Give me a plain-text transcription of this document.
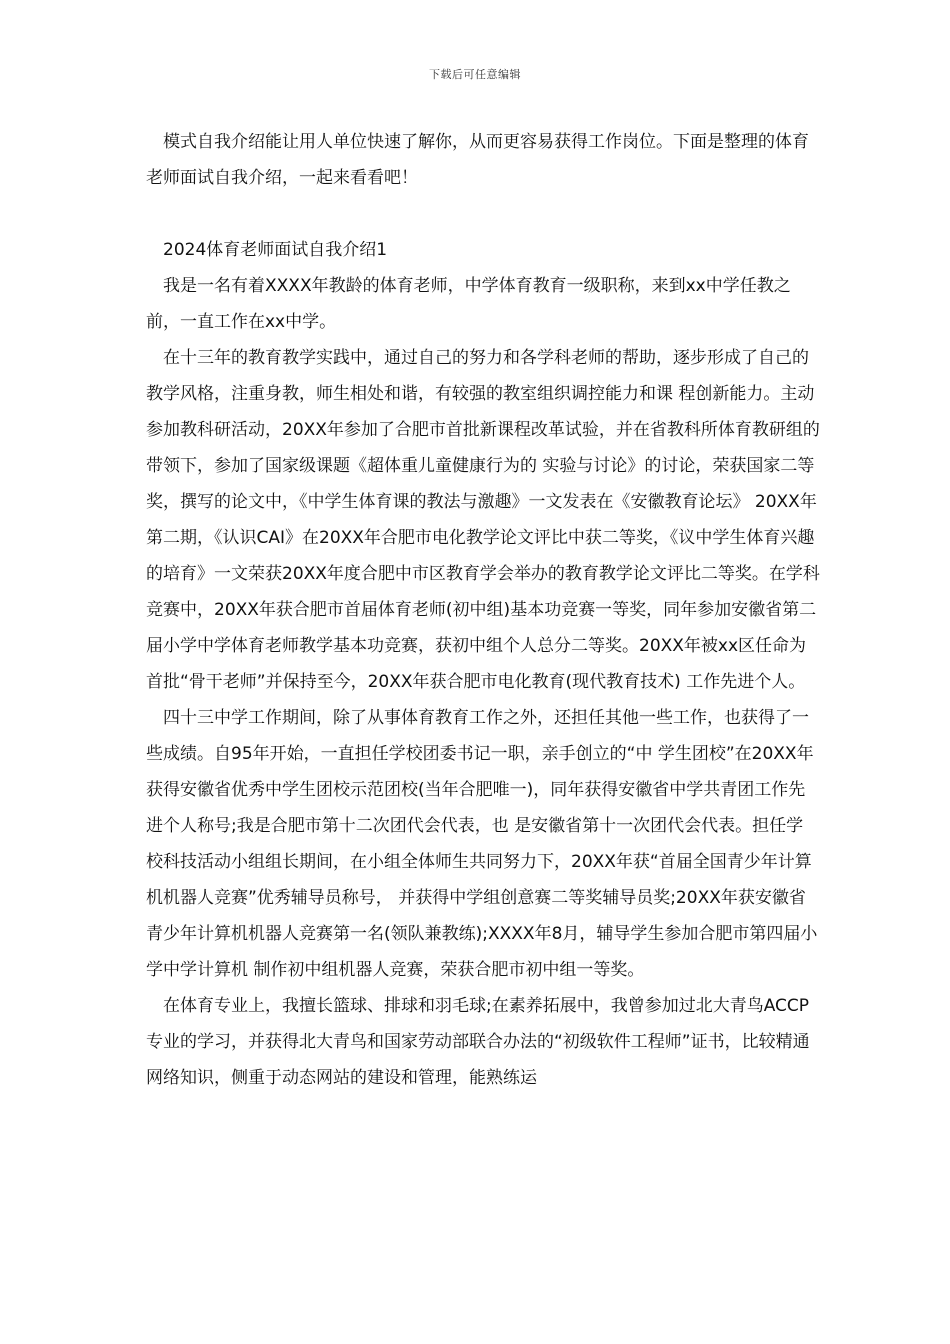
下载后可任意编辑

模式自我介绍能让用人单位快速了解你，从而更容易获得工作岗位。下面是整理的体育老师面试自我介绍，一起来看看吧！

2024体育老师面试自我介绍1

我是一名有着XXXX年教龄的体育老师，中学体育教育一级职称，来到xx中学任教之前，一直工作在xx中学。

在十三年的教育教学实践中，通过自己的努力和各学科老师的帮助，逐步形成了自己的教学风格，注重身教，师生相处和谐，有较强的教室组织调控能力和课 程创新能力。主动参加教科研活动，20XX年参加了合肥市首批新课程改革试验，并在省教科所体育教研组的带领下，参加了国家级课题《超体重儿童健康行为的 实验与讨论》的讨论，荣获国家二等奖，撰写的论文中，《中学生体育课的教法与激趣》一文发表在《安徽教育论坛》 20XX年第二期，《认识CAI》在20XX年合肥市电化教学论文评比中获二等奖，《议中学生体育兴趣的培育》一文荣获20XX年度合肥中市区教育学会举办的教育教学论文评比二等奖。在学科 竞赛中，20XX年获合肥市首届体育老师(初中组)基本功竞赛一等奖，同年参加安徽省第二届小学中学体育老师教学基本功竞赛，获初中组个人总分二等奖。20XX年被xx区任命为首批“骨干老师”并保持至今，20XX年获合肥市电化教育(现代教育技术) 工作先进个人。

四十三中学工作期间，除了从事体育教育工作之外，还担任其他一些工作，也获得了一些成绩。自95年开始，一直担任学校团委书记一职，亲手创立的“中 学生团校”在20XX年获得安徽省优秀中学生团校示范团校(当年合肥唯一)，同年获得安徽省中学共青团工作先进个人称号;我是合肥市第十二次团代会代表，也 是安徽省第十一次团代会代表。担任学校科技活动小组组长期间，在小组全体师生共同努力下，20XX年获“首届全国青少年计算机机器人竞赛”优秀辅导员称号， 并获得中学组创意赛二等奖辅导员奖;20XX年获安徽省青少年计算机机器人竞赛第一名(领队兼教练);XXXX年8月，辅导学生参加合肥市第四届小学中学计算机 制作初中组机器人竞赛，荣获合肥市初中组一等奖。

在体育专业上，我擅长篮球、排球和羽毛球;在素养拓展中，我曾参加过北大青鸟ACCP专业的学习，并获得北大青鸟和国家劳动部联合办法的“初级软件工程师”证书，比较精通网络知识，侧重于动态网站的建设和管理，能熟练运
